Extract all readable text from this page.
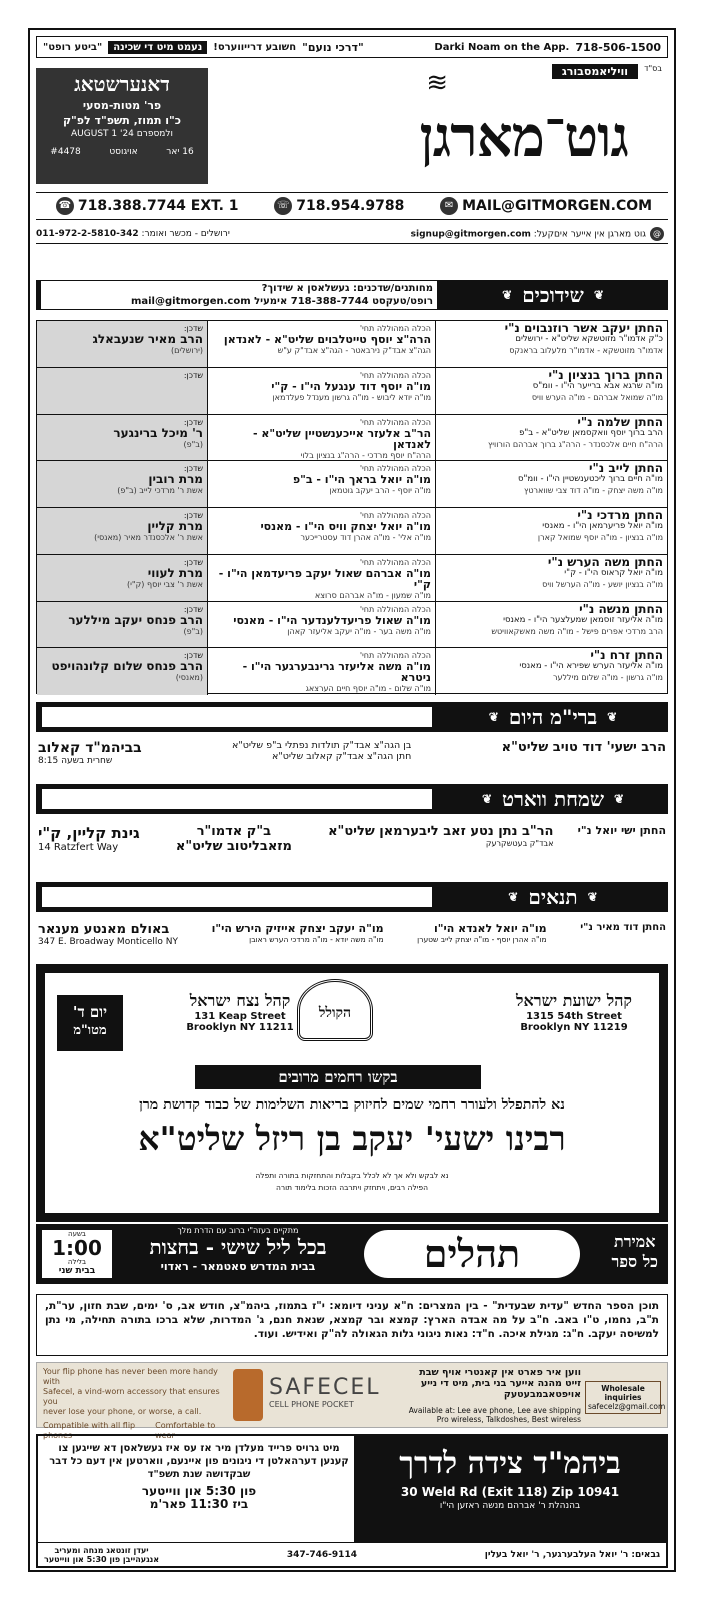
Darki Noam on the App. 718-506-1500
"דרכי נועם"
חשובע דרייווערס!
נעמט מיט די שכינה
"ביטע רופט"
בס"ד
וויליאמסבורג
≋
גוט־מארגן
דאנערשטאג
פר' מטות-מסעי
כ"ו תמוז, תשפ"ד לפ"ק
AUGUST 1 '24 ולמספרם
16 יאר
אויגוסט
#4478
☎ 718.388.7744 EXT. 1	☏ 718.954.9788	✉ MAIL@GITMORGEN.COM
@גוט מארגן אין אייער איםקעל: signup@gitmorgen.com
ירושלים - מכשר ואומר: 011-972-2-5810-342
❦
שידוכים
❦
מחותנים/שדכנים: געשלאסן א שידוך?
רופט/טעקסט 718-388-7744 אימעיל mail@gitmorgen.com
החתן יעקב אשר רוזנבוים נ"י
כ"ק אדמו"ר מזוטשקא שליט"א - ירושלים
אדמו"ר מזוטשקא - אדמו"ר מלעלוב בראנקס
הכלה המהוללה תחי'
הרה"צ יוסף טייטלבוים שליט"א - לאנדאן
הגה"צ אבד"ק נירבאטר - הגה"צ אבד"ק ע"ש
שדכן:
הרב מאיר שנעבאלג
(ירושלים)
החתן ברוך בנציון נ"י
מו"ה שרגא אבא ברייער הי"ו - וומ"ס
מו"ה שמואל אברהם - מו"ה הערש וויס
הכלה המהוללה תחי'
מו"ה יוסף דוד ענגעל הי"ו - ק"י
מו"ה יודא ליבוש - מו"ה גרשון מענדל פעלדמאן
שדכן:
החתן שלמה נ"י
הרב ברוך יוסף וואקסמאן שליט"א - ב"פ
הרה"ח חיים אלכסנדר - הרה"ג ברוך אברהם הורוויץ
הכלה המהוללה תחי'
הר"ב אלעזר אייכענשטיין שליט"א - לאנדאן
הרה"ח יוסף מרדכי - הרה"ג בנציון בלוי
שדכן:
ר' מיכל ברינגער
(ב"פ)
החתן לייב נ"י
מו"ה חיים ברוך ליכטענשטיין הי"ו - וומ"ס
מו"ה משה יצחק - מו"ה דוד צבי שווארטץ
הכלה המהוללה תחי'
מו"ה יואל בראך הי"ו - ב"פ
מו"ה יוסף - הרב יעקב גוטמאן
שדכן:
מרת רובין
אשת ר' מרדכי לייב (ב"פ)
החתן מרדכי נ"י
מו"ה יואל פריערמאן הי"ו - מאנסי
מו"ה בנציון - מו"ה יוסף שמואל קארן
הכלה המהוללה תחי'
מו"ה יואל יצחק וויס הי"ו - מאנסי
מו"ה אלי' - מו"ה אהרן דוד עסטרייכער
שדכן:
מרת קליין
אשת ר' אלכסנדר מאיר (מאנסי)
החתן משה הערש נ"י
מו"ה יואל קראוס הי"ו - ק"י
מו"ה בנציון יושע - מו"ה הערשל וויס
הכלה המהוללה תחי'
מו"ה אברהם שאול יעקב פריעדמאן הי"ו - ק"י
מו"ה שמעון - מו"ה אברהם סרוצא
שדכן:
מרת לעווי
אשת ר' צבי יוסף (ק"י)
החתן מנשה נ"י
מו"ה אליעזר זוסמאן שמעלצער הי"ו - מאנסי
הרב מרדכי אפרים פישל - מו"ה משה מאשקאוויטש
הכלה המהוללה תחי'
מו"ה שאול פריעדלענדער הי"ו - מאנסי
מו"ה משה בער - מו"ה יעקב אליעזר קאהן
שדכן:
הרב פנחס יעקב מיללער
(ב"פ)
החתן זרח נ"י
מו"ה אליעזר הערש שפירא הי"ו - מאנסי
מו"ה גרשון - מו"ה שלום מיללער
הכלה המהוללה תחי'
מו"ה משה אליעזר גרינבערגער הי"ו - ניטרא
מו"ה שלום - מו"ה יוסף חיים הערצאג
שדכן:
הרב פנחס שלום קלונהויפט
(מאנסי)
❦
ברי"מ היום
❦
הרב ישעי' דוד טויב שליט"א
בן הגה"צ אבד"ק תולדות נפתלי ב"פ שליט"א
חתן הגה"צ אבד"ק קאלוב שליט"א
בביהמ"ד קאלוב
שחרית בשעה 8:15
❦
שמחת ווארט
❦
החתן ישי יואל נ"י
הר"ב נתן נטע זאב ליבערמאן שליט"א
אבד"ק בעטשקרעק
ב"ק אדמו"ר מזאבליטוב שליט"א
גינת קליין, ק"י
14 Ratzfert Way
❦
תנאים
❦
החתן דוד מאיר נ"י
מו"ה יואל לאנדא הי"ו
מו"ה אהרן יוסף - מו"ה יצחק לייב שטערן
מו"ה יעקב יצחק אייזיק הירש הי"ו
מו"ה משה יודא - מו"ה מרדכי הערש ראובן
באולם מאנטע מענאר
347 E. Broadway Monticello NY
קהל ישועת ישראל
1315 54th Street
Brooklyn NY 11219
הקולל
קהל נצח ישראל
131 Keap Street
Brooklyn NY 11211
יום ד'
מטו"מ
בקשו רחמים מרובים
נא להתפלל ולעורר רחמי שמים לחיזוק בריאות השלימות של כבוד קדושת מרן
רבינו ישעי' יעקב בן ריזל שליט"א
נא לבקש ולא אך לא לכלל בקבלות והתחזקות בתורה ותפלה
הפילה רבים, ויתחזק ויתרבה הזכות בלימוד תורה
אמירת
כל ספר
תהלים
מתקיים בעזה"י ברוב עם הדרת מלך
בכל ליל שישי - בחצות
בבית המדרש סאטמאר - ראדוי
בשעה
1:00
בלילה
בבית שני
תוכן הספר החדש "עדית שבעדית" - בין המצרים: ח"א עניני דיומא: י"ז בתמוז, ביהמ"צ, חודש אב, ס' ימים, שבת חזון, ער"ת, ת"ב, נחמו, ט"ו באב. ח"ב על מה אבדה הארץ: קמצא ובר קמצא, שנאת חנם, ג' המדרות, שלא ברכו בתורה תחילה, מי נתן למשיסה יעקב. ח"ג: מגילת איכה. ח"ד: נאות ניגוני גלות הגאולה לה"ק ואידיש. ועוד.
Your flip phone has never been more handy with
Safecel, a vind-worn accessory that ensures you
never lose your phone, or worse, a call.
Compatible with all flip phones
Comfortable to wear
SAFECEL
CELL PHONE POCKET
ווען איר פארט אין קאנטרי אויף שבת
זייט מהנה אייער בני בית, מיט די נייע אויפטאבמבעטעק
Available at: Lee ave phone, Lee ave shipping
Pro wireless, Talkdoshes, Best wireless
Wholesale inquiries
safecelz@gmail.com
ביהמ"ד צידה לדרך
30 Weld Rd (Exit 118) Zip 10941
בהנהלת ר' אברהם מנשה ראזען הי"ו
מיט גרויס פרייד מעלדן מיר אז עס איז געשלאסן דא שייגען צו קענען דערהאלטן די ניגונים פון איינעם, ווארטען אין דעם כל דבר שבקדושה שנת תשפ"ד
פון 5:30 און ווייטער
ביז 11:30 פאר'מ
גבאים: ר' יואל העלבערגער, ר' יואל בעלין
347-746-9114
יעדן זונטאג מנחה ומעריב
אנגעהייבן פון 5:30 און ווייטער
